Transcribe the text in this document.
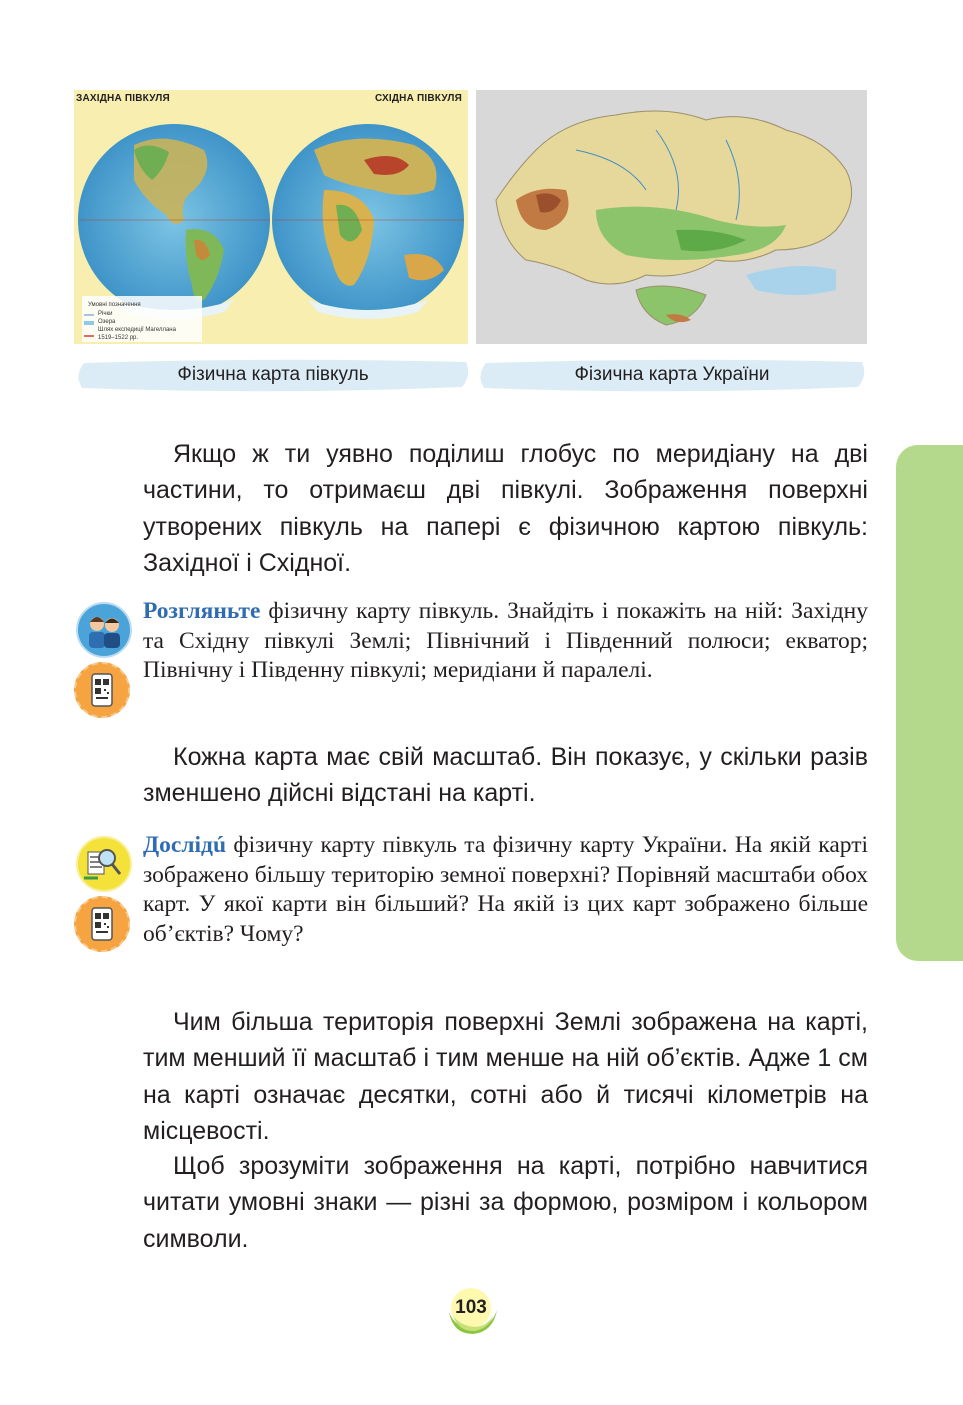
ЗАХІДНА ПІВКУЛЯ	СХІДНА ПІВКУЛЯ
Умовні позначення
Річки
Озера
Шлях експедиції Магеллана
1519–1522 рр.
Фізична карта півкуль	Фізична карта України
Якщо ж ти уявно поділиш глобус по меридіану на дві частини, то отримаєш дві півкулі. Зображення поверхні утворених півкуль на папері є фізичною картою півкуль: Західної і Східної.
Розгляньте фізичну карту півкуль. Знайдіть і покажіть на ній: Західну та Східну півкулі Землі; Північний і Південний полюси; екватор; Північну і Південну півкулі; меридіани й паралелі.
Кожна карта має свій масштаб. Він показує, у скільки разів зменшено дійсні відстані на карті.
Дослідú фізичну карту півкуль та фізичну карту України. На якій карті зображено більшу територію земної поверхні? Порівняй масштаби обох карт. У якої карти він більший? На якій із цих карт зображено більше об’єктів? Чому?
Чим більша територія поверхні Землі зображена на карті, тим менший її масштаб і тим менше на ній об’єктів. Адже 1 см на карті означає десятки, сотні або й тисячі кілометрів на місцевості.
Щоб зрозуміти зображення на карті, потрібно навчитися читати умовні знаки — різні за формою, розміром і кольором символи.
103
